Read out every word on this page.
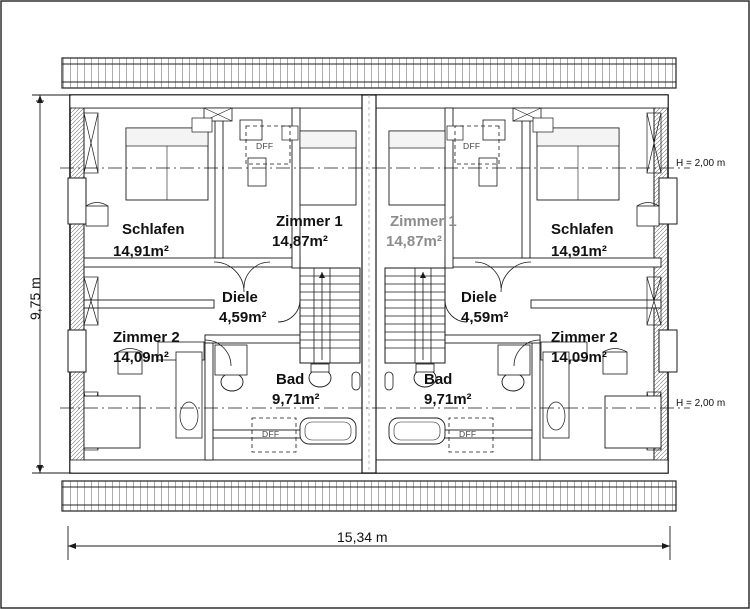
Schlafen
14,91m²
Zimmer 1
14,87m²
Diele
4,59m²
Zimmer 2
14,09m²
Bad
9,71m²
Zimmer 1
14,87m²
Schlafen
14,91m²
Diele
4,59m²
Zimmer 2
14,09m²
Bad
9,71m²
DFF	DFF
DFF	DFF
H = 2,00 m
H = 2,00 m
9,75 m
15,34 m
